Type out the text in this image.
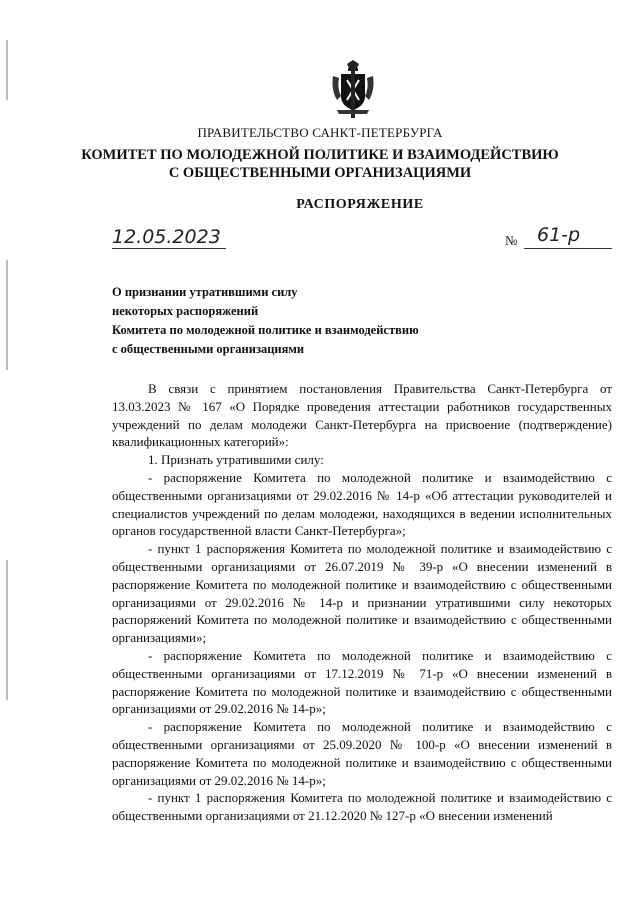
ПРАВИТЕЛЬСТВО САНКТ-ПЕТЕРБУРГА
КОМИТЕТ ПО МОЛОДЕЖНОЙ ПОЛИТИКЕ И ВЗАИМОДЕЙСТВИЮ
С ОБЩЕСТВЕННЫМИ ОРГАНИЗАЦИЯМИ
РАСПОРЯЖЕНИЕ
12.05.2023	№ 61-р
О признании утратившими силу
некоторых распоряжений
Комитета по молодежной политике и взаимодействию
с общественными организациями

В связи с принятием постановления Правительства Санкт-Петербурга от 13.03.2023 № 167 «О Порядке проведения аттестации работников государственных учреждений по делам молодежи Санкт-Петербурга на присвоение (подтверждение) квалификационных категорий»:

1. Признать утратившими силу:

- распоряжение Комитета по молодежной политике и взаимодействию с общественными организациями от 29.02.2016 № 14-р «Об аттестации руководителей и специалистов учреждений по делам молодежи, находящихся в ведении исполнительных органов государственной власти Санкт-Петербурга»;

- пункт 1 распоряжения Комитета по молодежной политике и взаимодействию с общественными организациями от 26.07.2019 № 39-р «О внесении изменений в распоряжение Комитета по молодежной политике и взаимодействию с общественными организациями от 29.02.2016 № 14-р и признании утратившими силу некоторых распоряжений Комитета по молодежной политике и взаимодействию с общественными организациями»;

- распоряжение Комитета по молодежной политике и взаимодействию с общественными организациями от 17.12.2019 № 71-р «О внесении изменений в распоряжение Комитета по молодежной политике и взаимодействию с общественными организациями от 29.02.2016 № 14-р»;

- распоряжение Комитета по молодежной политике и взаимодействию с общественными организациями от 25.09.2020 № 100-р «О внесении изменений в распоряжение Комитета по молодежной политике и взаимодействию с общественными организациями от 29.02.2016 № 14-р»;

- пункт 1 распоряжения Комитета по молодежной политике и взаимодействию с общественными организациями от 21.12.2020 № 127-р «О внесении изменений
